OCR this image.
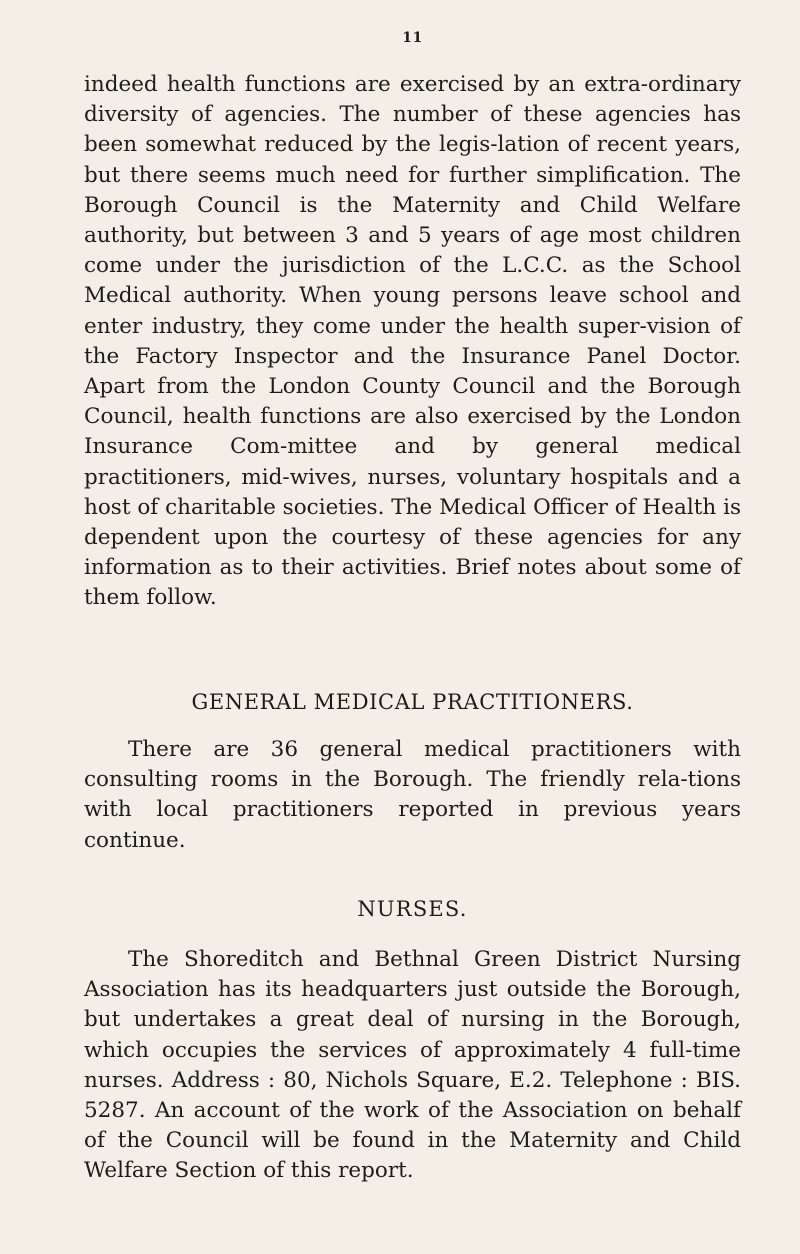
11

indeed health functions are exercised by an extra-ordinary diversity of agencies. The number of these agencies has been somewhat reduced by the legis-lation of recent years, but there seems much need for further simplification. The Borough Council is the Maternity and Child Welfare authority, but between 3 and 5 years of age most children come under the jurisdiction of the L.C.C. as the School Medical authority. When young persons leave school and enter industry, they come under the health super-vision of the Factory Inspector and the Insurance Panel Doctor. Apart from the London County Council and the Borough Council, health functions are also exercised by the London Insurance Com-mittee and by general medical practitioners, mid-wives, nurses, voluntary hospitals and a host of charitable societies. The Medical Officer of Health is dependent upon the courtesy of these agencies for any information as to their activities. Brief notes about some of them follow.

GENERAL MEDICAL PRACTITIONERS.

There are 36 general medical practitioners with consulting rooms in the Borough. The friendly rela-tions with local practitioners reported in previous years continue.

NURSES.

The Shoreditch and Bethnal Green District Nursing Association has its headquarters just outside the Borough, but undertakes a great deal of nursing in the Borough, which occupies the services of approximately 4 full-time nurses. Address : 80, Nichols Square, E.2. Telephone : BIS. 5287. An account of the work of the Association on behalf of the Council will be found in the Maternity and Child Welfare Section of this report.
